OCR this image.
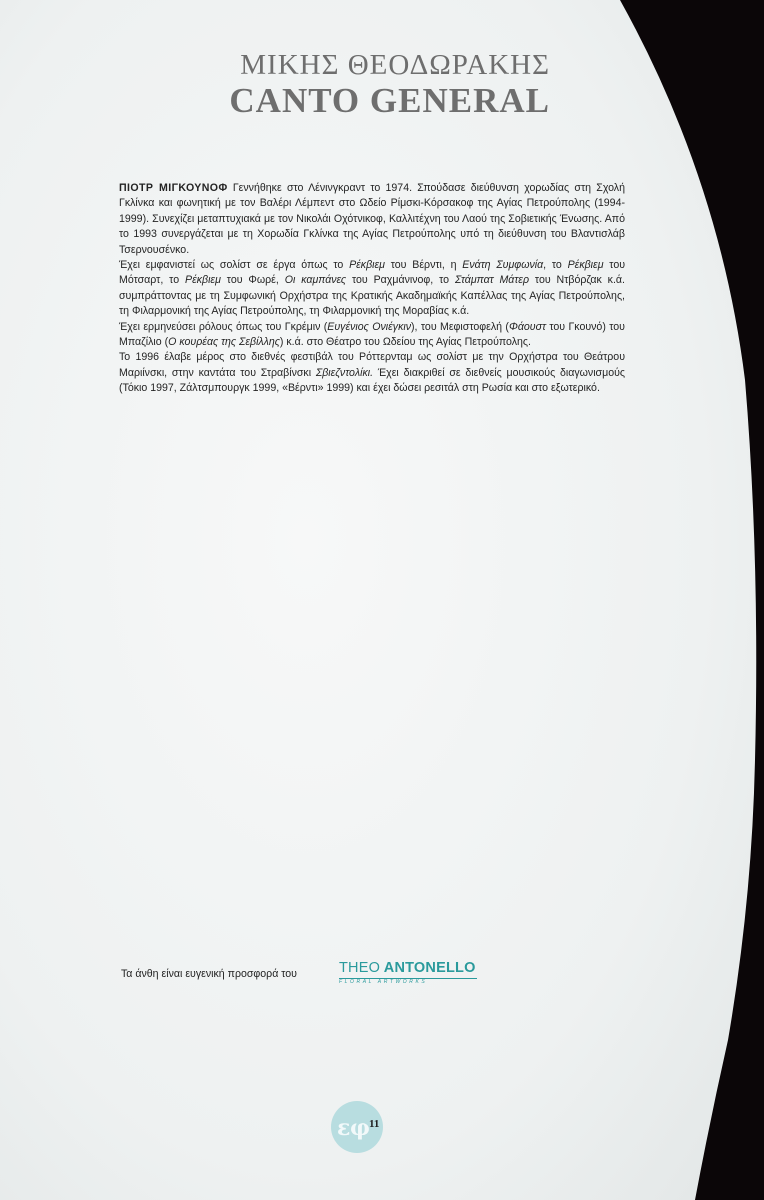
φ
ε
ΜΙΚΗΣ ΘΕΟΔΩΡΑΚΗΣ
CANTO GENERAL

ΠΙΟΤΡ ΜΙΓΚΟΥΝΟΦ Γεννήθηκε στο Λένινγκραντ το 1974. Σπούδασε διεύθυνση χορωδίας στη Σχολή Γκλίνκα και φωνητική με τον Βαλέρι Λέμπεντ στο Ωδείο Ρίμσκι-Κόρσακοφ της Αγίας Πετρούπολης (1994-1999). Συνεχίζει μεταπτυχιακά με τον Νικολάι Οχότνικοφ, Καλλιτέχνη του Λαού της Σοβιετικής Ένωσης. Από το 1993 συνεργάζεται με τη Χορωδία Γκλίνκα της Αγίας Πετρούπολης υπό τη διεύθυνση του Βλαντισλάβ Τσερνουσένκο.

Έχει εμφανιστεί ως σολίστ σε έργα όπως το Ρέκβιεμ του Βέρντι, η Ενάτη Συμφωνία, το Ρέκβιεμ του Μότσαρτ, το Ρέκβιεμ του Φωρέ, Οι καμπάνες του Ραχμάνινοφ, το Στάμπατ Μάτερ του Ντβόρζακ κ.ά. συμπράττοντας με τη Συμφωνική Ορχήστρα της Κρατικής Ακαδημαϊκής Καπέλλας της Αγίας Πετρούπολης, τη Φιλαρμονική της Αγίας Πετρούπολης, τη Φιλαρμονική της Μοραβίας κ.ά.

Έχει ερμηνεύσει ρόλους όπως του Γκρέμιν (Ευγένιος Ονιέγκιν), του Μεφιστοφελή (Φάουστ του Γκουνό) του Μπαζίλιο (Ο κουρέας της Σεβίλλης) κ.ά. στο Θέατρο του Ωδείου της Αγίας Πετρούπολης.

Το 1996 έλαβε μέρος στο διεθνές φεστιβάλ του Ρόττερνταμ ως σολίστ με την Ορχήστρα του Θεάτρου Μαριίνσκι, στην καντάτα του Στραβίνσκι Σβιεζντολίκι. Έχει διακριθεί σε διεθνείς μουσικούς διαγωνισμούς (Τόκιο 1997, Ζάλτσμπουργκ 1999, «Βέρντι» 1999) και έχει δώσει ρεσιτάλ στη Ρωσία και στο εξωτερικό.

Τα άνθη είναι ευγενική προσφορά του	THEO ANTONELLO
FLORAL ARTWORKS
11
